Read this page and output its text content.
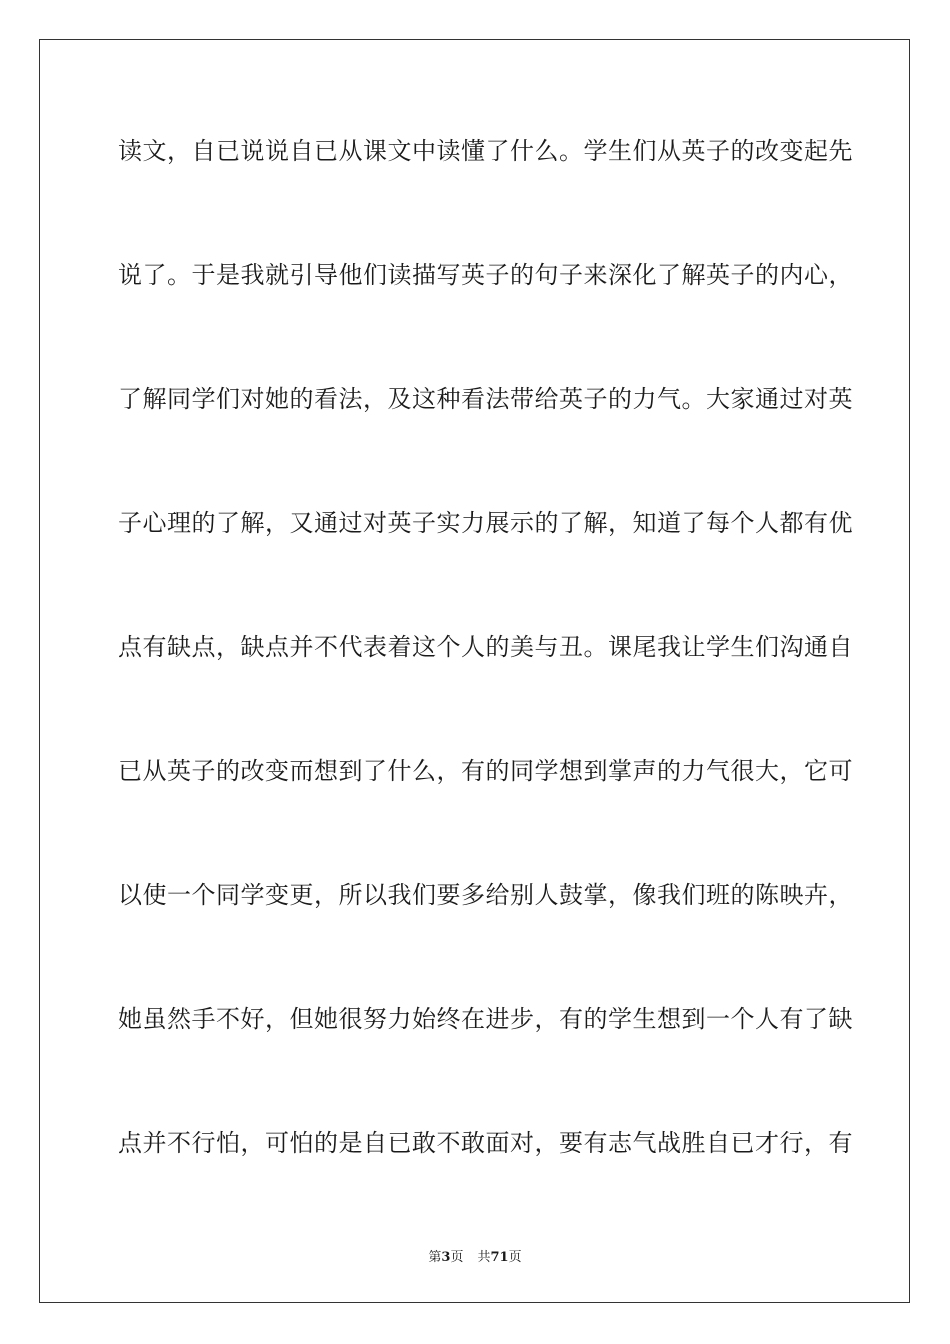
读文，自已说说自已从课文中读懂了什么。学生们从英子的改变起先
说了。于是我就引导他们读描写英子的句子来深化了解英子的内心，
了解同学们对她的看法，及这种看法带给英子的力气。大家通过对英
子心理的了解，又通过对英子实力展示的了解，知道了每个人都有优
点有缺点，缺点并不代表着这个人的美与丑。课尾我让学生们沟通自
已从英子的改变而想到了什么，有的同学想到掌声的力气很大，它可
以使一个同学变更，所以我们要多给别人鼓掌，像我们班的陈映卉，
她虽然手不好，但她很努力始终在进步，有的学生想到一个人有了缺
点并不行怕，可怕的是自已敢不敢面对，要有志气战胜自已才行，有
第3页 共71页
